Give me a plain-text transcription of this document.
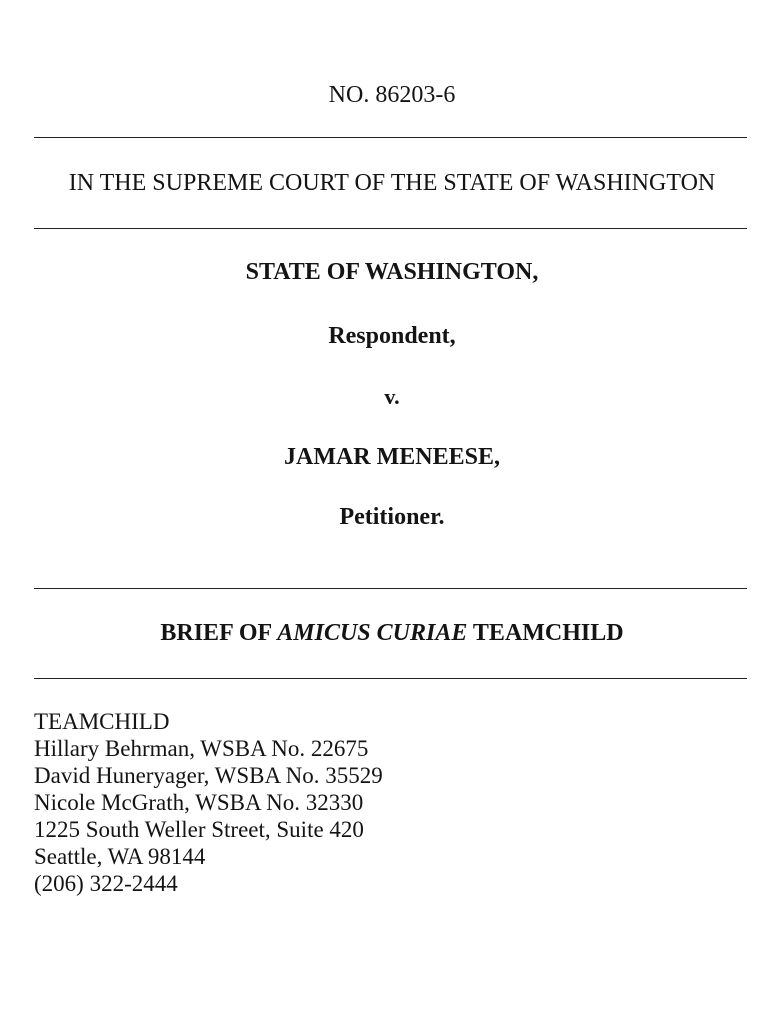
NO. 86203-6
IN THE SUPREME COURT OF THE STATE OF WASHINGTON
STATE OF WASHINGTON,
Respondent,
v.
JAMAR MENEESE,
Petitioner.
BRIEF OF AMICUS CURIAE TEAMCHILD
TEAMCHILD
Hillary Behrman, WSBA No. 22675
David Huneryager, WSBA No. 35529
Nicole McGrath, WSBA No. 32330
1225 South Weller Street, Suite 420
Seattle, WA 98144
(206) 322-2444
